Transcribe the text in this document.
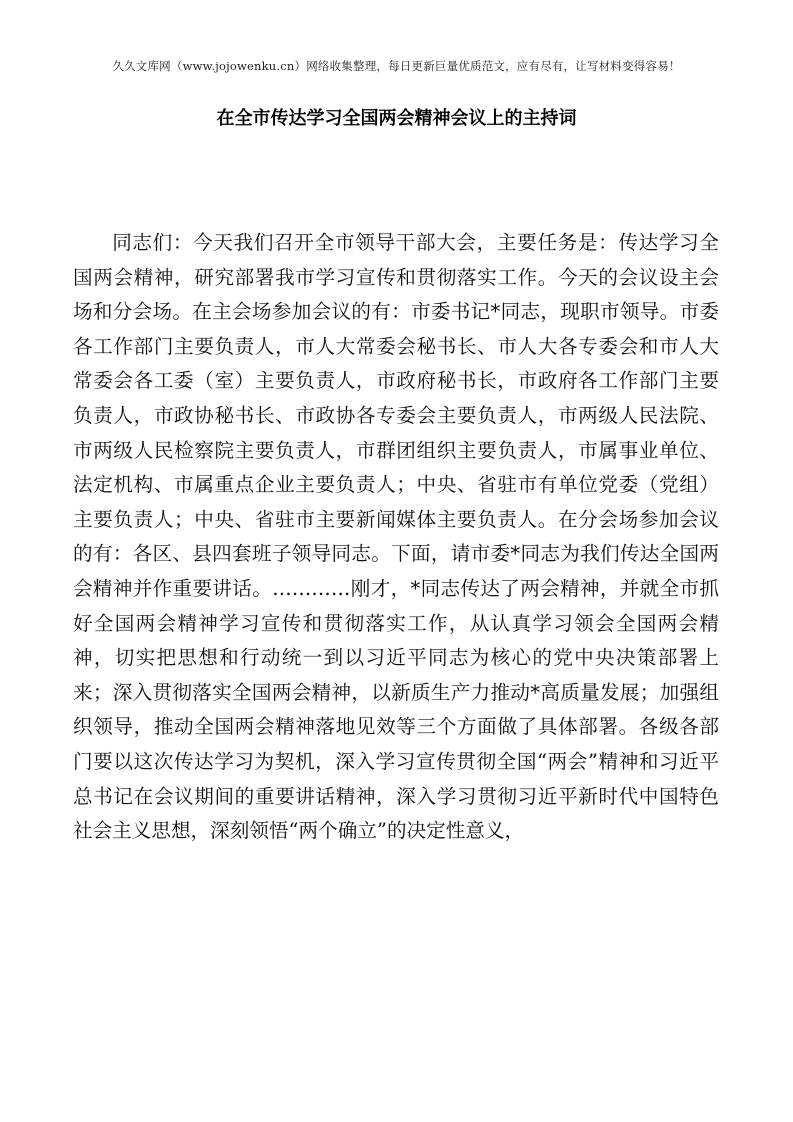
久久文库网（www.jojowenku.cn）网络收集整理，每日更新巨量优质范文，应有尽有，让写材料变得容易！
在全市传达学习全国两会精神会议上的主持词

同志们：今天我们召开全市领导干部大会，主要任务是：传达学习全国两会精神，研究部署我市学习宣传和贯彻落实工作。今天的会议设主会场和分会场。在主会场参加会议的有：市委书记*同志，现职市领导。市委各工作部门主要负责人，市人大常委会秘书长、市人大各专委会和市人大常委会各工委（室）主要负责人，市政府秘书长，市政府各工作部门主要负责人，市政协秘书长、市政协各专委会主要负责人，市两级人民法院、市两级人民检察院主要负责人，市群团组织主要负责人，市属事业单位、法定机构、市属重点企业主要负责人；中央、省驻市有单位党委（党组）主要负责人；中央、省驻市主要新闻媒体主要负责人。在分会场参加会议的有：各区、县四套班子领导同志。下面，请市委*同志为我们传达全国两会精神并作重要讲话。…………刚才，*同志传达了两会精神，并就全市抓好全国两会精神学习宣传和贯彻落实工作，从认真学习领会全国两会精神，切实把思想和行动统一到以习近平同志为核心的党中央决策部署上来；深入贯彻落实全国两会精神，以新质生产力推动*高质量发展；加强组织领导，推动全国两会精神落地见效等三个方面做了具体部署。各级各部门要以这次传达学习为契机，深入学习宣传贯彻全国“两会”精神和习近平总书记在会议期间的重要讲话精神，深入学习贯彻习近平新时代中国特色社会主义思想，深刻领悟“两个确立”的决定性意义，
